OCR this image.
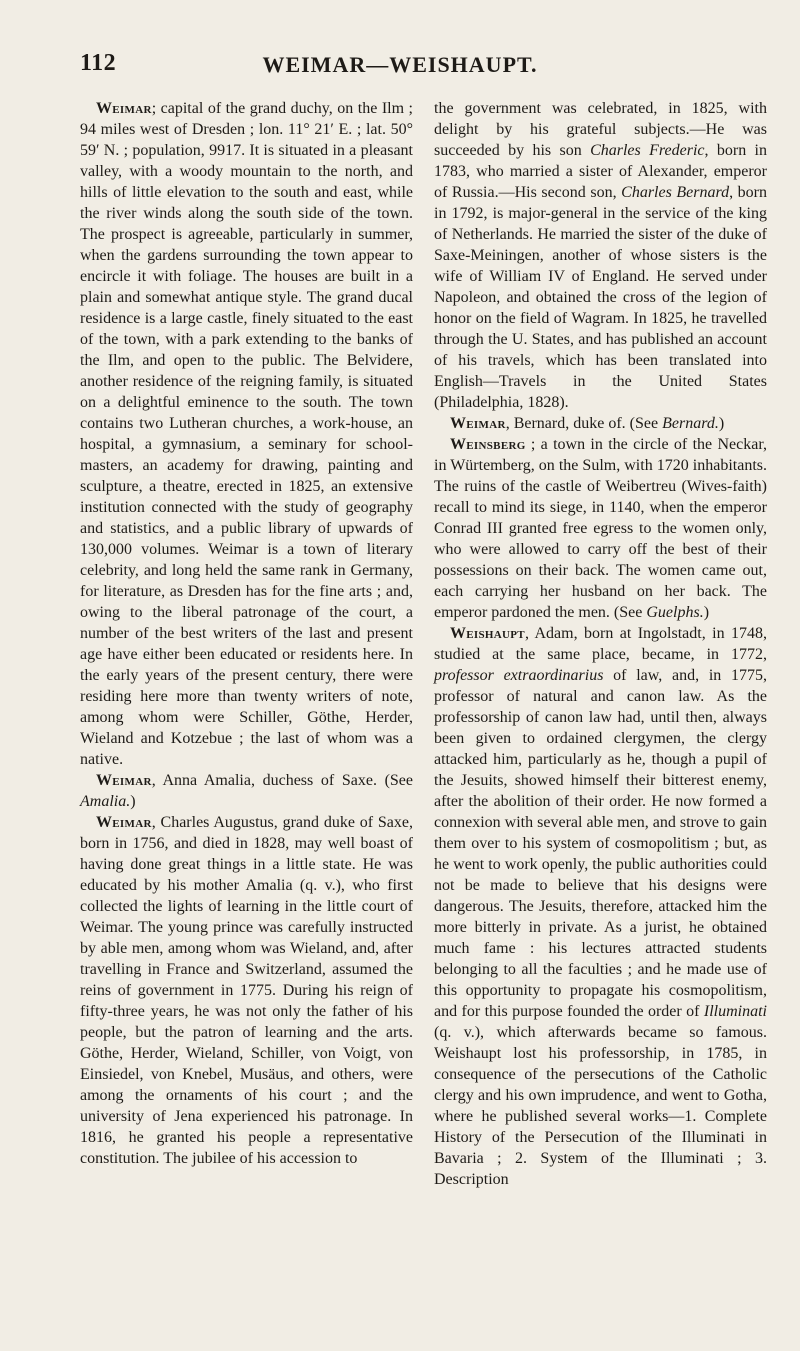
112	WEIMAR—WEISHAUPT.

Weimar; capital of the grand duchy, on the Ilm ; 94 miles west of Dresden ; lon. 11° 21′ E. ; lat. 50° 59′ N. ; population, 9917. It is situated in a pleasant valley, with a woody mountain to the north, and hills of little elevation to the south and east, while the river winds along the south side of the town. The prospect is agreeable, particularly in summer, when the gardens surrounding the town appear to encircle it with foliage. The houses are built in a plain and somewhat antique style. The grand ducal residence is a large castle, finely situated to the east of the town, with a park extending to the banks of the Ilm, and open to the public. The Belvidere, another residence of the reigning family, is situated on a delightful eminence to the south. The town contains two Lutheran churches, a work-house, an hospital, a gymnasium, a seminary for school-masters, an academy for drawing, painting and sculpture, a theatre, erected in 1825, an extensive institution connected with the study of geography and statistics, and a public library of upwards of 130,000 volumes. Weimar is a town of literary celebrity, and long held the same rank in Germany, for literature, as Dresden has for the fine arts ; and, owing to the liberal patronage of the court, a number of the best writers of the last and present age have either been educated or residents here. In the early years of the present century, there were residing here more than twenty writers of note, among whom were Schiller, Göthe, Herder, Wieland and Kotzebue ; the last of whom was a native.

Weimar, Anna Amalia, duchess of Saxe. (See Amalia.)

Weimar, Charles Augustus, grand duke of Saxe, born in 1756, and died in 1828, may well boast of having done great things in a little state. He was educated by his mother Amalia (q. v.), who first collected the lights of learning in the little court of Weimar. The young prince was carefully instructed by able men, among whom was Wieland, and, after travelling in France and Switzerland, assumed the reins of government in 1775. During his reign of fifty-three years, he was not only the father of his people, but the patron of learning and the arts. Göthe, Herder, Wieland, Schiller, von Voigt, von Einsiedel, von Knebel, Musäus, and others, were among the ornaments of his court ; and the university of Jena experienced his patronage. In 1816, he granted his people a representative constitution. The jubilee of his accession to

the government was celebrated, in 1825, with delight by his grateful subjects.—He was succeeded by his son Charles Frederic, born in 1783, who married a sister of Alexander, emperor of Russia.—His second son, Charles Bernard, born in 1792, is major-general in the service of the king of Netherlands. He married the sister of the duke of Saxe-Meiningen, another of whose sisters is the wife of William IV of England. He served under Napoleon, and obtained the cross of the legion of honor on the field of Wagram. In 1825, he travelled through the U. States, and has published an account of his travels, which has been translated into English—Travels in the United States (Philadelphia, 1828).

Weimar, Bernard, duke of. (See Bernard.)

Weinsberg ; a town in the circle of the Neckar, in Würtemberg, on the Sulm, with 1720 inhabitants. The ruins of the castle of Weibertreu (Wives-faith) recall to mind its siege, in 1140, when the emperor Conrad III granted free egress to the women only, who were allowed to carry off the best of their possessions on their back. The women came out, each carrying her husband on her back. The emperor pardoned the men. (See Guelphs.)

Weishaupt, Adam, born at Ingolstadt, in 1748, studied at the same place, became, in 1772, professor extraordinarius of law, and, in 1775, professor of natural and canon law. As the professorship of canon law had, until then, always been given to ordained clergymen, the clergy attacked him, particularly as he, though a pupil of the Jesuits, showed himself their bitterest enemy, after the abolition of their order. He now formed a connexion with several able men, and strove to gain them over to his system of cosmopolitism ; but, as he went to work openly, the public authorities could not be made to believe that his designs were dangerous. The Jesuits, therefore, attacked him the more bitterly in private. As a jurist, he obtained much fame : his lectures attracted students belonging to all the faculties ; and he made use of this opportunity to propagate his cosmopolitism, and for this purpose founded the order of Illuminati (q. v.), which afterwards became so famous. Weishaupt lost his professorship, in 1785, in consequence of the persecutions of the Catholic clergy and his own imprudence, and went to Gotha, where he published several works—1. Complete History of the Persecution of the Illuminati in Bavaria ; 2. System of the Illuminati ; 3. Description
